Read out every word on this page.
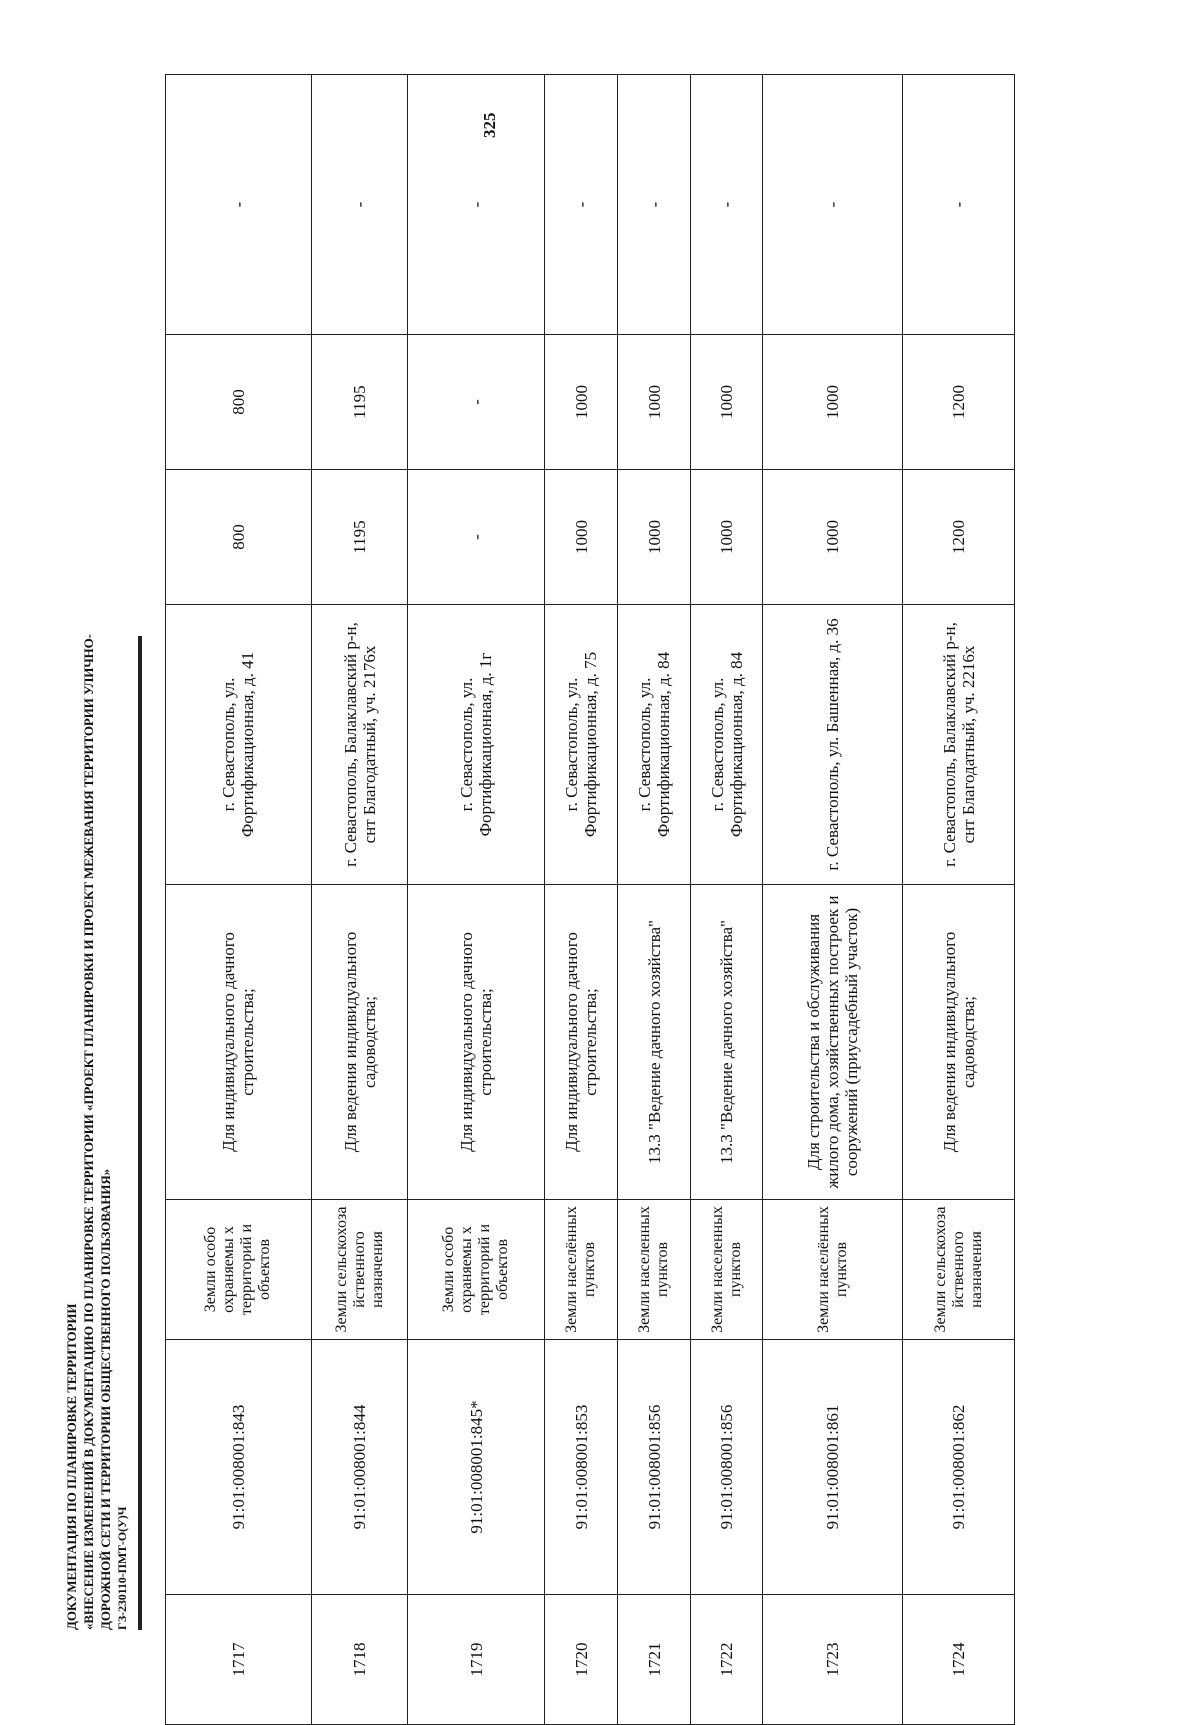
325
ДОКУМЕНТАЦИЯ ПО ПЛАНИРОВКЕ ТЕРРИТОРИИ «ВНЕСЕНИЕ ИЗМЕНЕНИЙ В ДОКУМЕНТАЦИЮ ПО ПЛАНИРОВКЕ ТЕРРИТОРИИ «ПРОЕКТ ПЛАНИРОВКИ И ПРОЕКТ МЕЖЕВАНИЯ ТЕРРИТОРИИ УЛИЧНО- ДОРОЖНОЙ СЕТИ И ТЕРРИТОРИИ ОБЩЕСТВЕННОГО ПОЛЬЗОВАНИЯ» ГЗ-230110-ПМТ-О(У)Ч
1717	91:01:008001:843	Земли особо охраняемы х территорий и объектов	Для индивидуального дачного строительства;	г. Севастополь, ул. Фортификационная, д. 41	800	800	-
1718	91:01:008001:844	Земли сельскохоза йственного назначения	Для ведения индивидуального садоводства;	г. Севастополь, Балаклавский р-н, снт Благодатный, уч. 2176х	1195	1195	-
1719	91:01:008001:845*	Земли особо охраняемы х территорий и объектов	Для индивидуального дачного строительства;	г. Севастополь, ул. Фортификационная, д. 1г	-	-	-
1720	91:01:008001:853	Земли населённых пунктов	Для индивидуального дачного строительства;	г. Севастополь, ул. Фортификационная, д. 75	1000	1000	-
1721	91:01:008001:856	Земли населенных пунктов	13.3 "Ведение дачного хозяйства"	г. Севастополь, ул. Фортификационная, д. 84	1000	1000	-
1722	91:01:008001:856	Земли населенных пунктов	13.3 "Ведение дачного хозяйства"	г. Севастополь, ул. Фортификационная, д. 84	1000	1000	-
1723	91:01:008001:861	Земли населённых пунктов	Для строительства и обслуживания жилого дома, хозяйственных построек и сооружений (приусадебный участок)	г. Севастополь, ул. Башенная, д. 36	1000	1000	-
1724	91:01:008001:862	Земли сельскохоза йственного назначения	Для ведения индивидуального садоводства;	г. Севастополь, Балаклавский р-н, снт Благодатный, уч. 2216х	1200	1200	-
